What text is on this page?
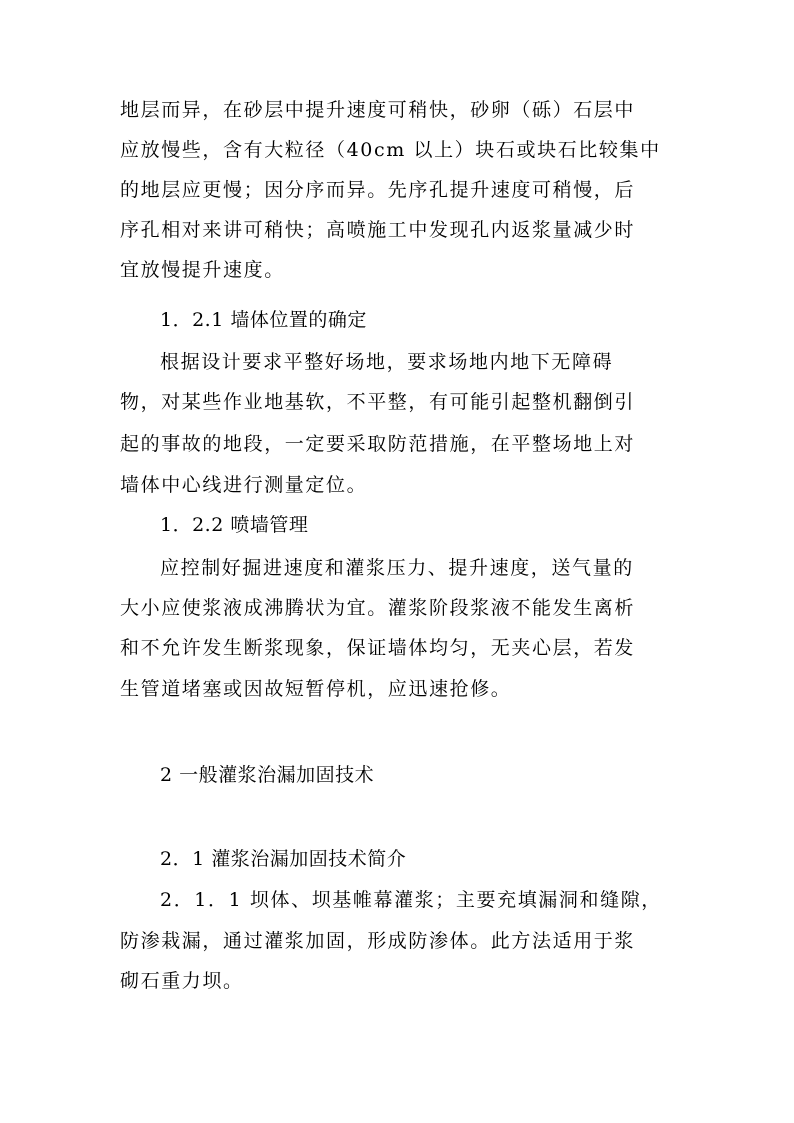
地层而异，在砂层中提升速度可稍快，砂卵（砾）石层中

应放慢些，含有大粒径（40cm 以上）块石或块石比较集中

的地层应更慢；因分序而异。先序孔提升速度可稍慢，后

序孔相对来讲可稍快；高喷施工中发现孔内返浆量减少时

宜放慢提升速度。

1．2.1 墙体位置的确定

根据设计要求平整好场地，要求场地内地下无障碍

物，对某些作业地基软，不平整，有可能引起整机翻倒引

起的事故的地段，一定要采取防范措施，在平整场地上对

墙体中心线进行测量定位。

1．2.2 喷墙管理

应控制好掘进速度和灌浆压力、提升速度，送气量的

大小应使浆液成沸腾状为宜。灌浆阶段浆液不能发生离析

和不允许发生断浆现象，保证墙体均匀，无夹心层，若发

生管道堵塞或因故短暂停机，应迅速抢修。

2 一般灌浆治漏加固技术

2．1 灌浆治漏加固技术简介

2．1．1 坝体、坝基帷幕灌浆；主要充填漏洞和缝隙，

防渗栽漏，通过灌浆加固，形成防渗体。此方法适用于浆

砌石重力坝。
